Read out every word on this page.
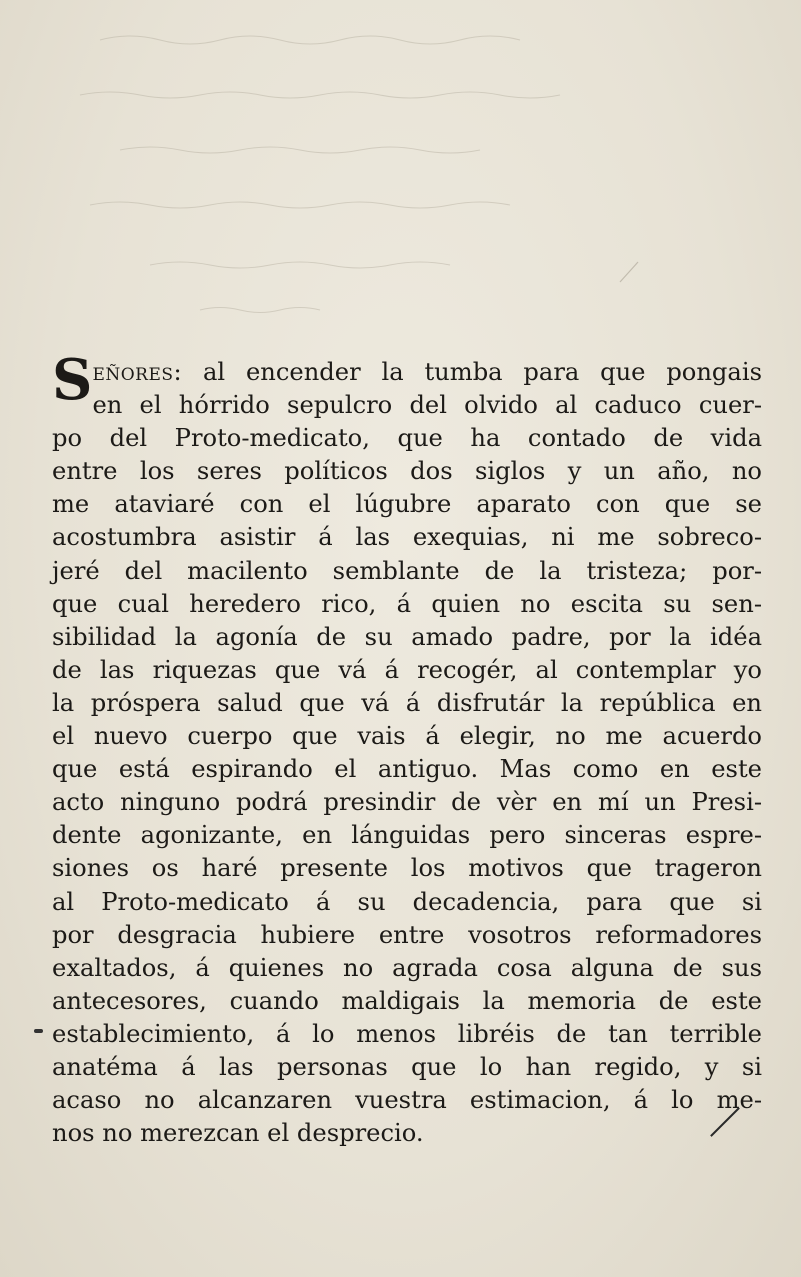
Señores: al encender la tumba para que pongais
en el hórrido sepulcro del olvido al caduco cuer-
po del Proto-medicato, que ha contado de vida
entre los seres políticos dos siglos y un año, no
me ataviaré con el lúgubre aparato con que se
acostumbra asistir á las exequias, ni me sobreco-
jeré del macilento semblante de la tristeza; por-
que cual heredero rico, á quien no escita su sen-
sibilidad la agonía de su amado padre, por la idéa
de las riquezas que vá á recogér, al contemplar yo
la próspera salud que vá á disfrutár la república en
el nuevo cuerpo que vais á elegir, no me acuerdo
que está espirando el antiguo. Mas como en este
acto ninguno podrá presindir de vèr en mí un Presi-
dente agonizante, en lánguidas pero sinceras espre-
siones os haré presente los motivos que trageron
al Proto-medicato á su decadencia, para que si
por desgracia hubiere entre vosotros reformadores
exaltados, á quienes no agrada cosa alguna de sus
antecesores, cuando maldigais la memoria de este
establecimiento, á lo menos libréis de tan terrible
anatéma á las personas que lo han regido, y si
acaso no alcanzaren vuestra estimacion, á lo me-
nos no merezcan el desprecio.
